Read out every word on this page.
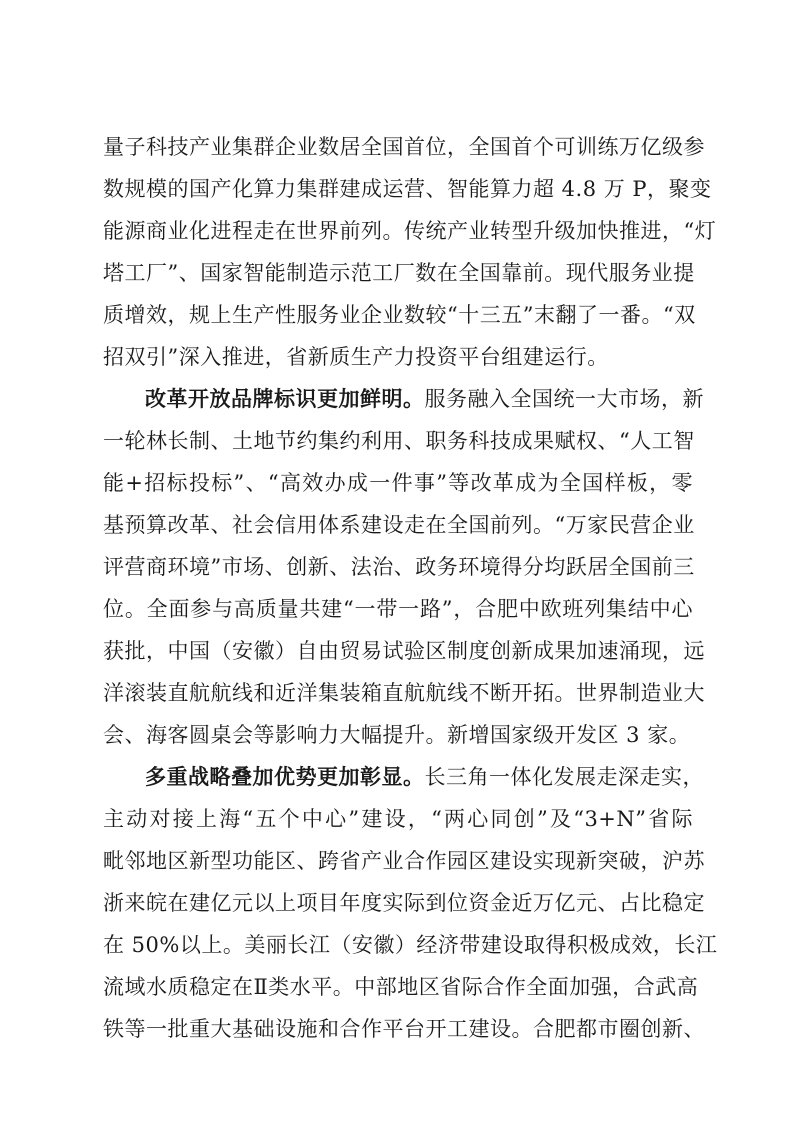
量子科技产业集群企业数居全国首位，全国首个可训练万亿级参
数规模的国产化算力集群建成运营、智能算力超 4.8 万 P，聚变
能源商业化进程走在世界前列。传统产业转型升级加快推进，“灯
塔工厂”、国家智能制造示范工厂数在全国靠前。现代服务业提
质增效，规上生产性服务业企业数较“十三五”末翻了一番。“双
招双引”深入推进，省新质生产力投资平台组建运行。
改革开放品牌标识更加鲜明。服务融入全国统一大市场，新
一轮林长制、土地节约集约利用、职务科技成果赋权、“人工智
能+招标投标”、“高效办成一件事”等改革成为全国样板，零
基预算改革、社会信用体系建设走在全国前列。“万家民营企业
评营商环境”市场、创新、法治、政务环境得分均跃居全国前三
位。全面参与高质量共建“一带一路”，合肥中欧班列集结中心
获批，中国（安徽）自由贸易试验区制度创新成果加速涌现，远
洋滚装直航航线和近洋集装箱直航航线不断开拓。世界制造业大
会、海客圆桌会等影响力大幅提升。新增国家级开发区 3 家。
多重战略叠加优势更加彰显。长三角一体化发展走深走实，
主动对接上海“五个中心”建设，“两心同创”及“3+N”省际
毗邻地区新型功能区、跨省产业合作园区建设实现新突破，沪苏
浙来皖在建亿元以上项目年度实际到位资金近万亿元、占比稳定
在 50%以上。美丽长江（安徽）经济带建设取得积极成效，长江
流域水质稳定在Ⅱ类水平。中部地区省际合作全面加强，合武高
铁等一批重大基础设施和合作平台开工建设。合肥都市圈创新、
